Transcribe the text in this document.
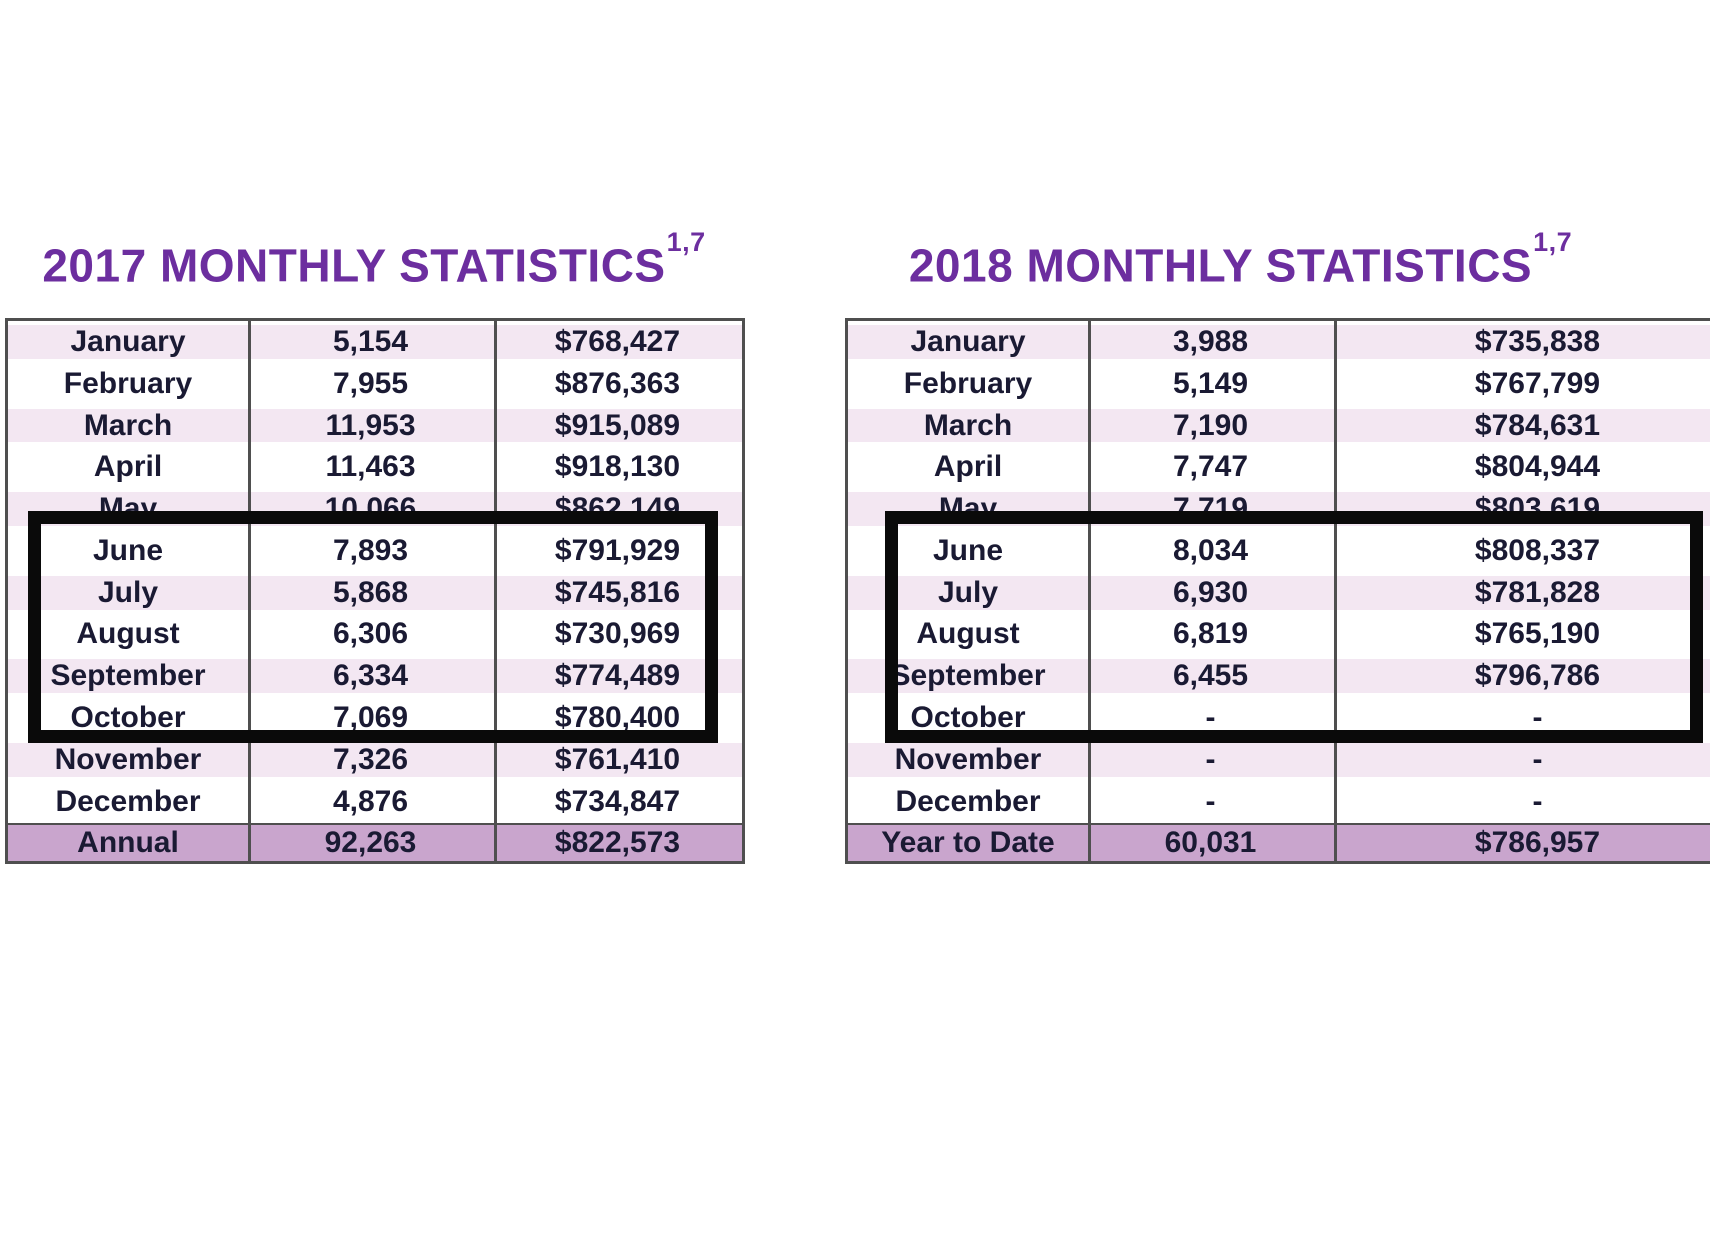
2017 MONTHLY STATISTICS$^{1,7}$	2018 MONTHLY STATISTICS$^{1,7}$
January	5,154	$768,427
February	7,955	$876,363
March	11,953	$915,089
April	11,463	$918,130
May	10,066	$862,149
June	7,893	$791,929
July	5,868	$745,816
August	6,306	$730,969
September	6,334	$774,489
October	7,069	$780,400
November	7,326	$761,410
December	4,876	$734,847
Annual	92,263	$822,573
January	3,988	$735,838
February	5,149	$767,799
March	7,190	$784,631
April	7,747	$804,944
May	7,719	$803,619
June	8,034	$808,337
July	6,930	$781,828
August	6,819	$765,190
September	6,455	$796,786
October	-	-
November	-	-
December	-	-
Year to Date	60,031	$786,957
